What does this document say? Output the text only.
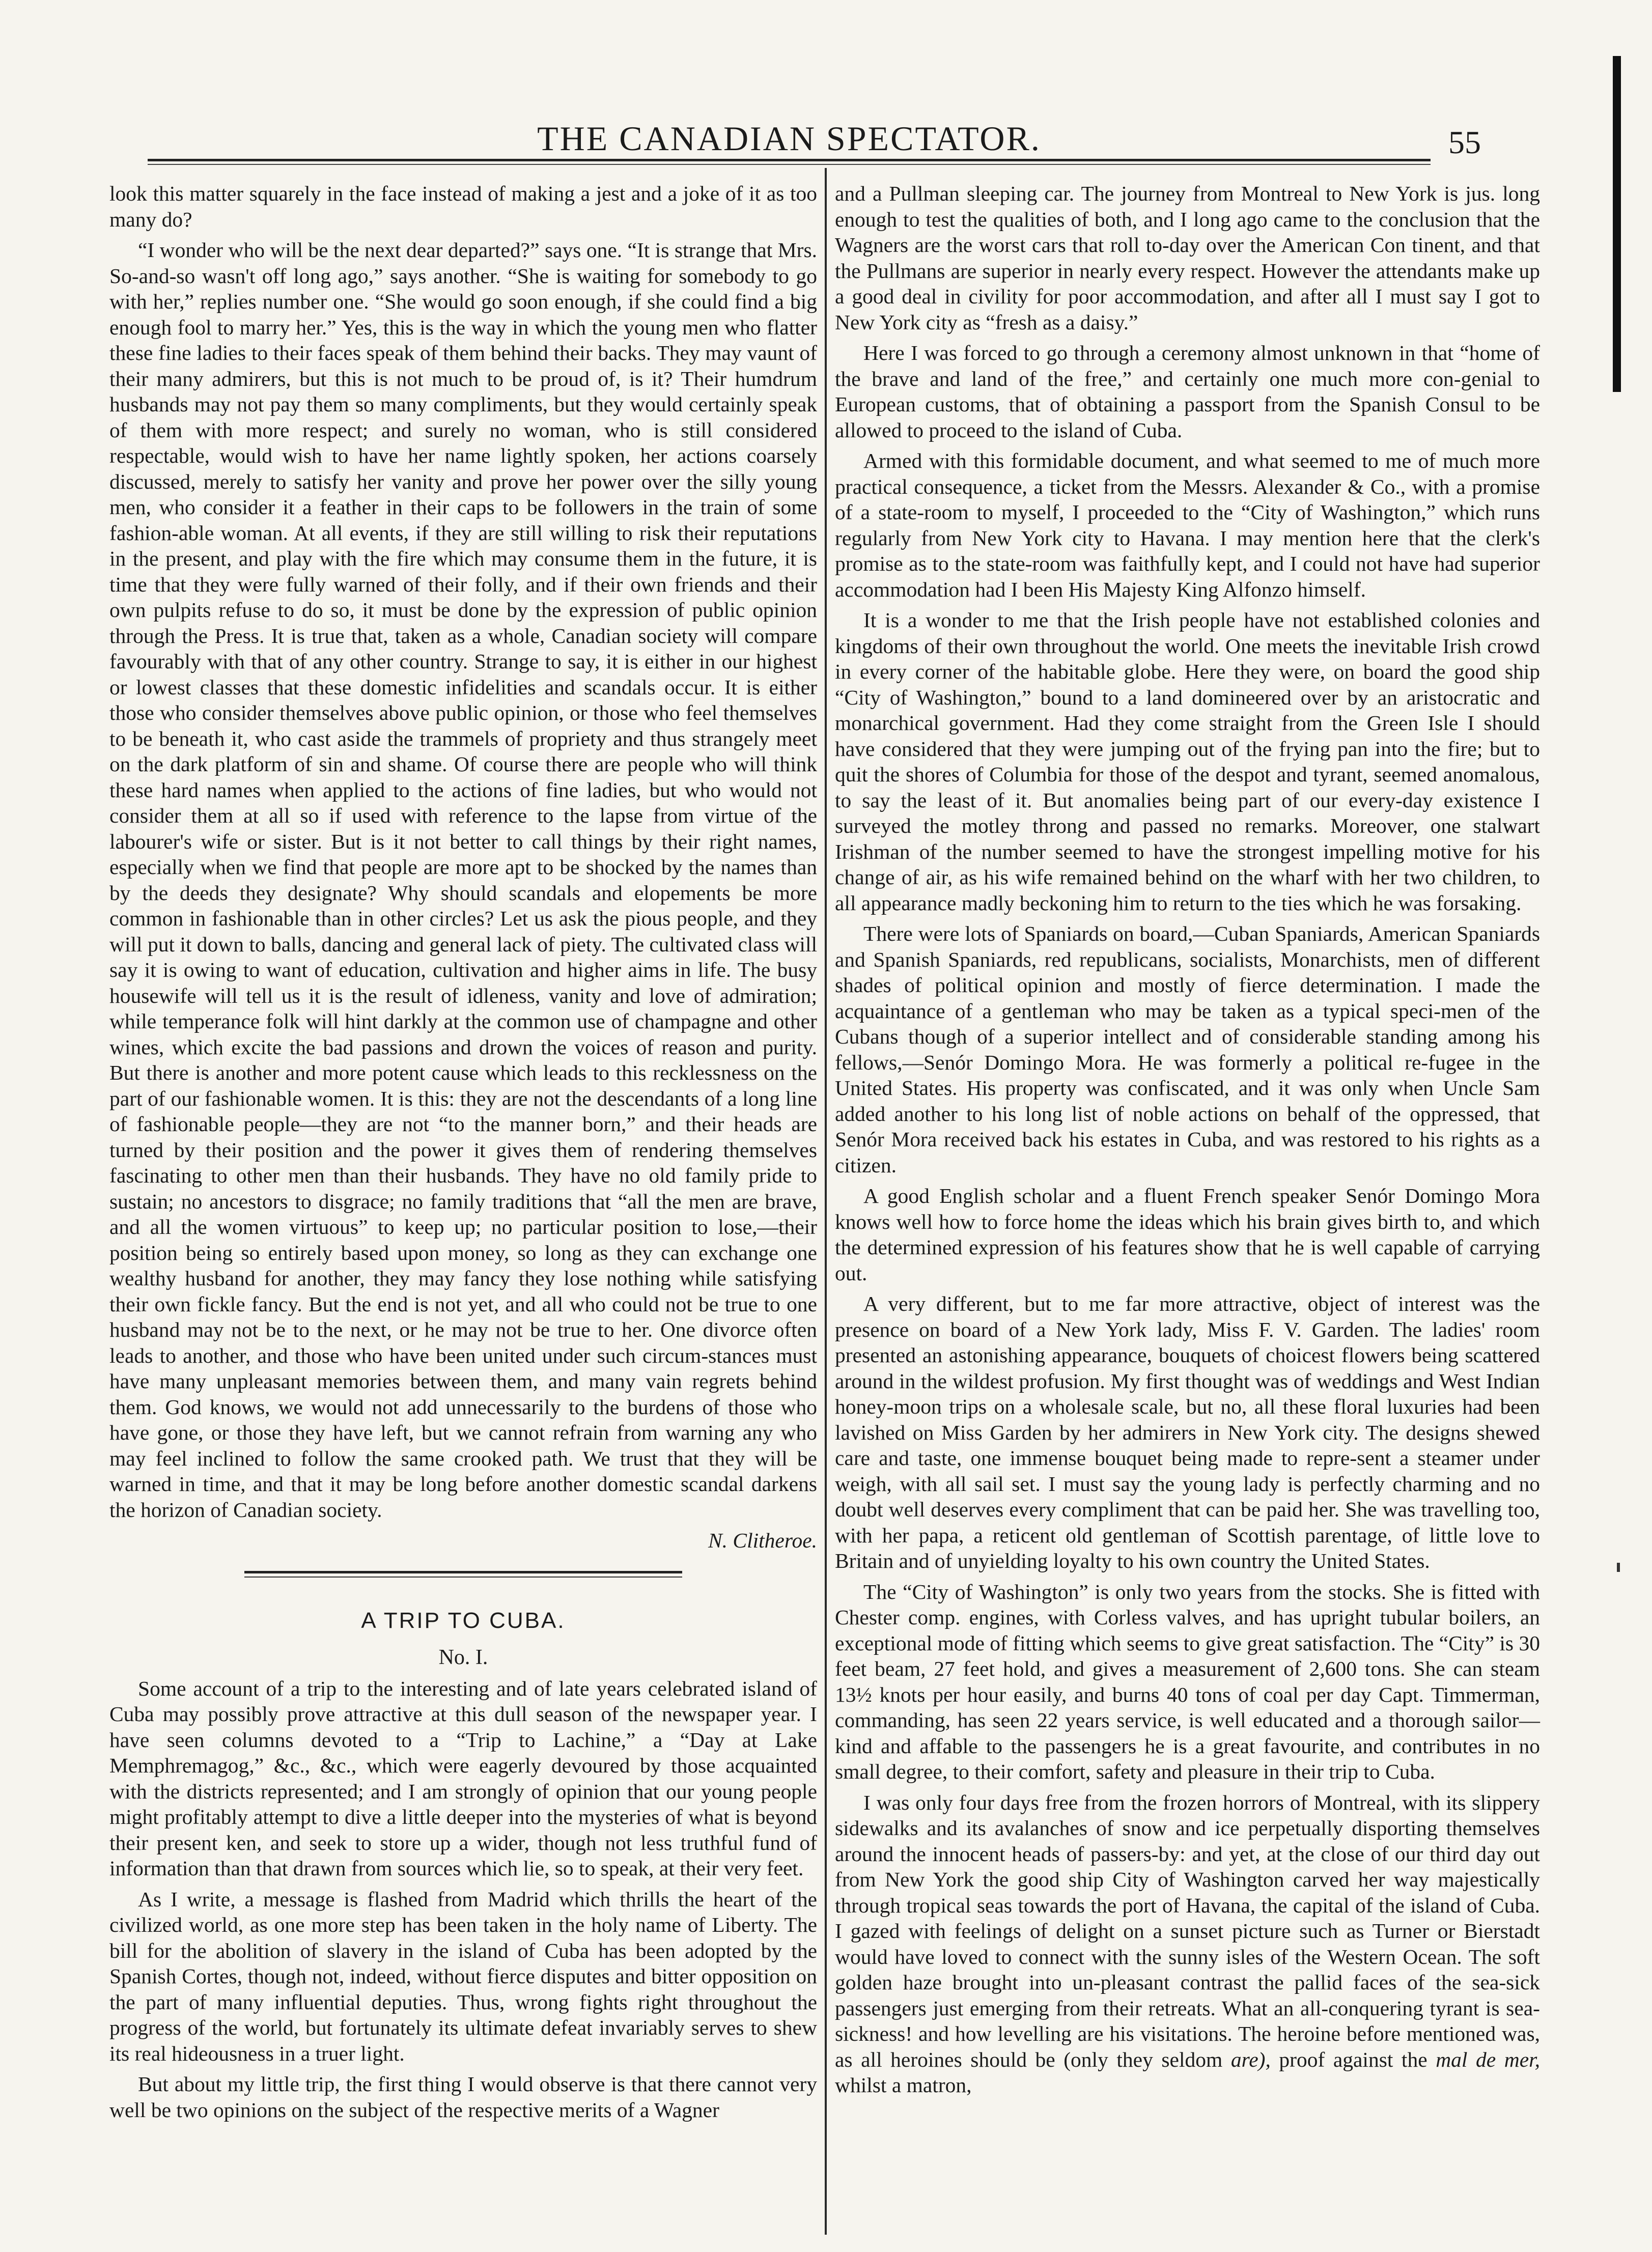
THE CANADIAN SPECTATOR.	55

look this matter squarely in the face instead of making a jest and a joke of it as too many do?

“I wonder who will be the next dear departed?” says one. “It is strange that Mrs. So-and-so wasn't off long ago,” says another. “She is waiting for somebody to go with her,” replies number one. “She would go soon enough, if she could find a big enough fool to marry her.” Yes, this is the way in which the young men who flatter these fine ladies to their faces speak of them behind their backs. They may vaunt of their many admirers, but this is not much to be proud of, is it? Their humdrum husbands may not pay them so many compliments, but they would certainly speak of them with more respect; and surely no woman, who is still considered respectable, would wish to have her name lightly spoken, her actions coarsely discussed, merely to satisfy her vanity and prove her power over the silly young men, who consider it a feather in their caps to be followers in the train of some fashion-able woman. At all events, if they are still willing to risk their reputations in the present, and play with the fire which may consume them in the future, it is time that they were fully warned of their folly, and if their own friends and their own pulpits refuse to do so, it must be done by the expression of public opinion through the Press. It is true that, taken as a whole, Canadian society will compare favourably with that of any other country. Strange to say, it is either in our highest or lowest classes that these domestic infidelities and scandals occur. It is either those who consider themselves above public opinion, or those who feel themselves to be beneath it, who cast aside the trammels of propriety and thus strangely meet on the dark platform of sin and shame. Of course there are people who will think these hard names when applied to the actions of fine ladies, but who would not consider them at all so if used with reference to the lapse from virtue of the labourer's wife or sister. But is it not better to call things by their right names, especially when we find that people are more apt to be shocked by the names than by the deeds they designate? Why should scandals and elopements be more common in fashionable than in other circles? Let us ask the pious people, and they will put it down to balls, dancing and general lack of piety. The cultivated class will say it is owing to want of education, cultivation and higher aims in life. The busy housewife will tell us it is the result of idleness, vanity and love of admiration; while temperance folk will hint darkly at the common use of champagne and other wines, which excite the bad passions and drown the voices of reason and purity. But there is another and more potent cause which leads to this recklessness on the part of our fashionable women. It is this: they are not the descendants of a long line of fashionable people—they are not “to the manner born,” and their heads are turned by their position and the power it gives them of rendering themselves fascinating to other men than their husbands. They have no old family pride to sustain; no ancestors to disgrace; no family traditions that “all the men are brave, and all the women virtuous” to keep up; no particular position to lose,—their position being so entirely based upon money, so long as they can exchange one wealthy husband for another, they may fancy they lose nothing while satisfying their own fickle fancy. But the end is not yet, and all who could not be true to one husband may not be to the next, or he may not be true to her. One divorce often leads to another, and those who have been united under such circum-stances must have many unpleasant memories between them, and many vain regrets behind them. God knows, we would not add unnecessarily to the burdens of those who have gone, or those they have left, but we cannot refrain from warning any who may feel inclined to follow the same crooked path. We trust that they will be warned in time, and that it may be long before another domestic scandal darkens the horizon of Canadian society.

N. Clitheroe.

A TRIP TO CUBA.

No. I.

Some account of a trip to the interesting and of late years celebrated island of Cuba may possibly prove attractive at this dull season of the newspaper year. I have seen columns devoted to a “Trip to Lachine,” a “Day at Lake Memphremagog,” &c., &c., which were eagerly devoured by those acquainted with the districts represented; and I am strongly of opinion that our young people might profitably attempt to dive a little deeper into the mysteries of what is beyond their present ken, and seek to store up a wider, though not less truthful fund of information than that drawn from sources which lie, so to speak, at their very feet.

As I write, a message is flashed from Madrid which thrills the heart of the civilized world, as one more step has been taken in the holy name of Liberty. The bill for the abolition of slavery in the island of Cuba has been adopted by the Spanish Cortes, though not, indeed, without fierce disputes and bitter opposition on the part of many influential deputies. Thus, wrong fights right throughout the progress of the world, but fortunately its ultimate defeat invariably serves to shew its real hideousness in a truer light.

But about my little trip, the first thing I would observe is that there cannot very well be two opinions on the subject of the respective merits of a Wagner

and a Pullman sleeping car. The journey from Montreal to New York is jus. long enough to test the qualities of both, and I long ago came to the conclusion that the Wagners are the worst cars that roll to-day over the American Con tinent, and that the Pullmans are superior in nearly every respect. However the attendants make up a good deal in civility for poor accommodation, and after all I must say I got to New York city as “fresh as a daisy.”

Here I was forced to go through a ceremony almost unknown in that “home of the brave and land of the free,” and certainly one much more con-genial to European customs, that of obtaining a passport from the Spanish Consul to be allowed to proceed to the island of Cuba.

Armed with this formidable document, and what seemed to me of much more practical consequence, a ticket from the Messrs. Alexander & Co., with a promise of a state-room to myself, I proceeded to the “City of Washington,” which runs regularly from New York city to Havana. I may mention here that the clerk's promise as to the state-room was faithfully kept, and I could not have had superior accommodation had I been His Majesty King Alfonzo himself.

It is a wonder to me that the Irish people have not established colonies and kingdoms of their own throughout the world. One meets the inevitable Irish crowd in every corner of the habitable globe. Here they were, on board the good ship “City of Washington,” bound to a land domineered over by an aristocratic and monarchical government. Had they come straight from the Green Isle I should have considered that they were jumping out of the frying pan into the fire; but to quit the shores of Columbia for those of the despot and tyrant, seemed anomalous, to say the least of it. But anomalies being part of our every-day existence I surveyed the motley throng and passed no remarks. Moreover, one stalwart Irishman of the number seemed to have the strongest impelling motive for his change of air, as his wife remained behind on the wharf with her two children, to all appearance madly beckoning him to return to the ties which he was forsaking.

There were lots of Spaniards on board,—Cuban Spaniards, American Spaniards and Spanish Spaniards, red republicans, socialists, Monarchists, men of different shades of political opinion and mostly of fierce determination. I made the acquaintance of a gentleman who may be taken as a typical speci-men of the Cubans though of a superior intellect and of considerable standing among his fellows,—Senór Domingo Mora. He was formerly a political re-fugee in the United States. His property was confiscated, and it was only when Uncle Sam added another to his long list of noble actions on behalf of the oppressed, that Senór Mora received back his estates in Cuba, and was restored to his rights as a citizen.

A good English scholar and a fluent French speaker Senór Domingo Mora knows well how to force home the ideas which his brain gives birth to, and which the determined expression of his features show that he is well capable of carrying out.

A very different, but to me far more attractive, object of interest was the presence on board of a New York lady, Miss F. V. Garden. The ladies' room presented an astonishing appearance, bouquets of choicest flowers being scattered around in the wildest profusion. My first thought was of weddings and West Indian honey-moon trips on a wholesale scale, but no, all these floral luxuries had been lavished on Miss Garden by her admirers in New York city. The designs shewed care and taste, one immense bouquet being made to repre-sent a steamer under weigh, with all sail set. I must say the young lady is perfectly charming and no doubt well deserves every compliment that can be paid her. She was travelling too, with her papa, a reticent old gentleman of Scottish parentage, of little love to Britain and of unyielding loyalty to his own country the United States.

The “City of Washington” is only two years from the stocks. She is fitted with Chester comp. engines, with Corless valves, and has upright tubular boilers, an exceptional mode of fitting which seems to give great satisfaction. The “City” is 30 feet beam, 27 feet hold, and gives a measurement of 2,600 tons. She can steam 13½ knots per hour easily, and burns 40 tons of coal per day Capt. Timmerman, commanding, has seen 22 years service, is well educated and a thorough sailor—kind and affable to the passengers he is a great favourite, and contributes in no small degree, to their comfort, safety and pleasure in their trip to Cuba.

I was only four days free from the frozen horrors of Montreal, with its slippery sidewalks and its avalanches of snow and ice perpetually disporting themselves around the innocent heads of passers-by: and yet, at the close of our third day out from New York the good ship City of Washington carved her way majestically through tropical seas towards the port of Havana, the capital of the island of Cuba. I gazed with feelings of delight on a sunset picture such as Turner or Bierstadt would have loved to connect with the sunny isles of the Western Ocean. The soft golden haze brought into un-pleasant contrast the pallid faces of the sea-sick passengers just emerging from their retreats. What an all-conquering tyrant is sea-sickness! and how levelling are his visitations. The heroine before mentioned was, as all heroines should be (only they seldom are), proof against the mal de mer, whilst a matron,
